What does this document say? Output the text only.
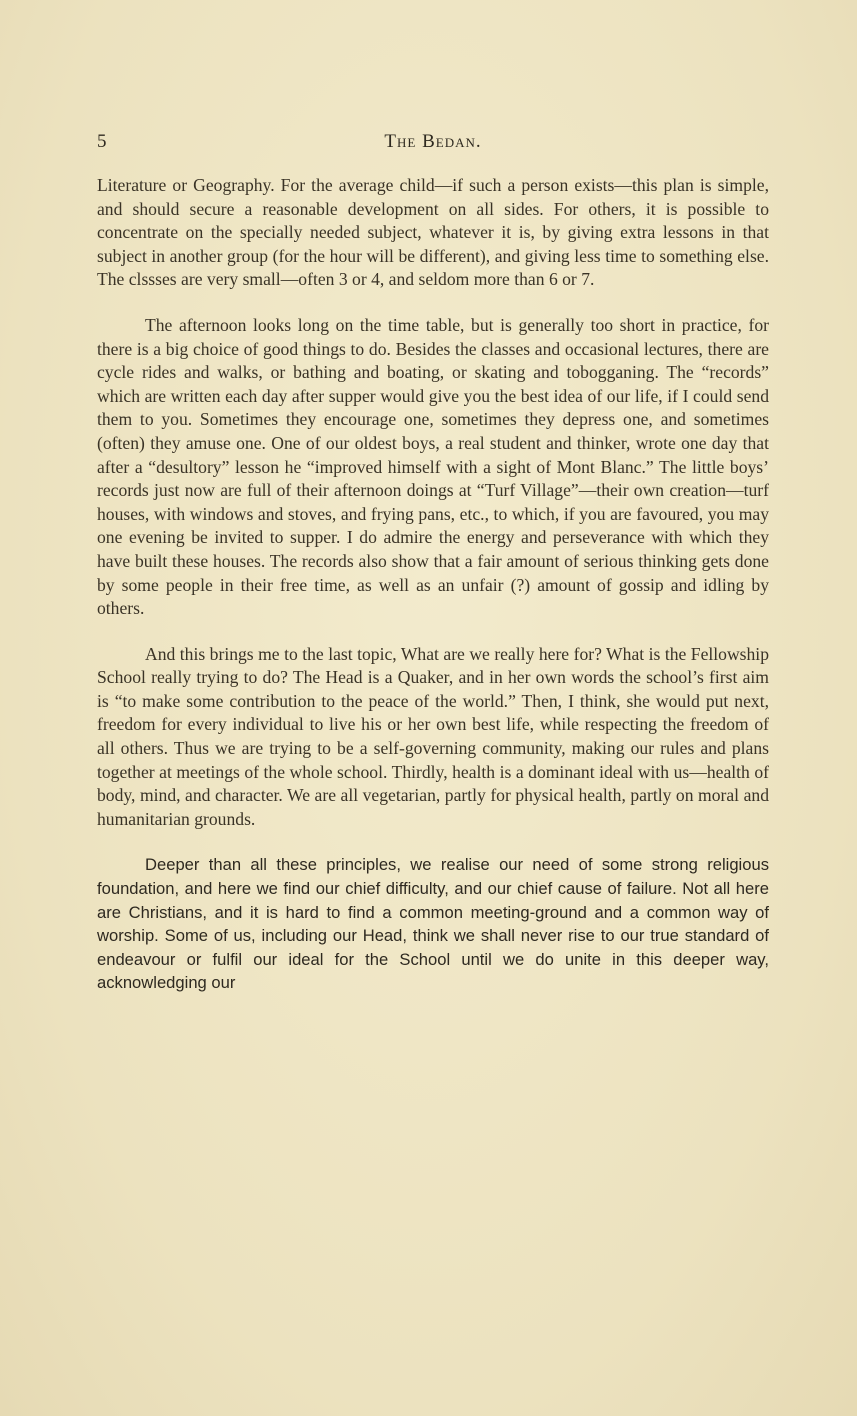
5	The Bedan.

Literature or Geography. For the average child—if such a person exists—this plan is simple, and should secure a reasonable development on all sides. For others, it is possible to concentrate on the specially needed subject, whatever it is, by giving extra lessons in that subject in another group (for the hour will be different), and giving less time to something else. The clssses are very small—often 3 or 4, and seldom more than 6 or 7.

The afternoon looks long on the time table, but is generally too short in practice, for there is a big choice of good things to do. Besides the classes and occasional lectures, there are cycle rides and walks, or bathing and boating, or skating and tobogganing. The “records” which are written each day after supper would give you the best idea of our life, if I could send them to you. Sometimes they encourage one, sometimes they depress one, and sometimes (often) they amuse one. One of our oldest boys, a real student and thinker, wrote one day that after a “desultory” lesson he “improved himself with a sight of Mont Blanc.” The little boys’ records just now are full of their afternoon doings at “Turf Village”—their own creation—turf houses, with windows and stoves, and frying pans, etc., to which, if you are favoured, you may one evening be invited to supper. I do admire the energy and perseverance with which they have built these houses. The records also show that a fair amount of serious thinking gets done by some people in their free time, as well as an unfair (?) amount of gossip and idling by others.

And this brings me to the last topic, What are we really here for? What is the Fellowship School really trying to do? The Head is a Quaker, and in her own words the school’s first aim is “to make some contribution to the peace of the world.” Then, I think, she would put next, freedom for every individual to live his or her own best life, while respecting the freedom of all others. Thus we are trying to be a self-governing community, making our rules and plans together at meetings of the whole school. Thirdly, health is a dominant ideal with us—health of body, mind, and character. We are all vegetarian, partly for physical health, partly on moral and humanitarian grounds.

Deeper than all these principles, we realise our need of some strong religious foundation, and here we find our chief difficulty, and our chief cause of failure. Not all here are Christians, and it is hard to find a common meeting-ground and a common way of worship. Some of us, including our Head, think we shall never rise to our true standard of endeavour or fulfil our ideal for the School until we do unite in this deeper way, acknowledging our
